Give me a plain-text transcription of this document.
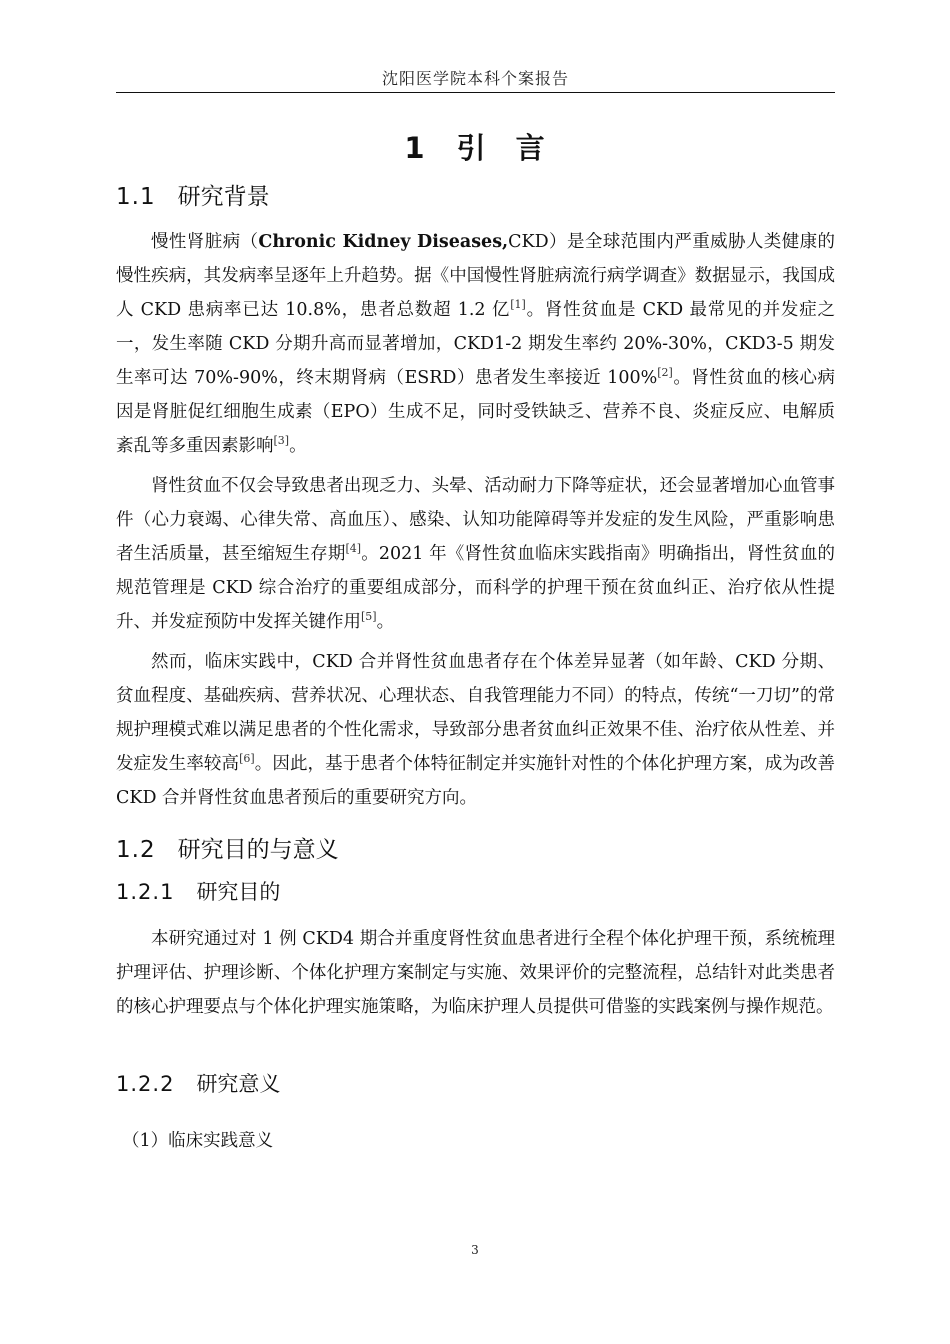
沈阳医学院本科个案报告
1 引 言
1.1 研究背景

慢性肾脏病（Chronic Kidney Diseases,CKD）是全球范围内严重威胁人类健康的慢性疾病，其发病率呈逐年上升趋势。据《中国慢性肾脏病流行病学调查》数据显示，我国成人 CKD 患病率已达 10.8%，患者总数超 1.2 亿[1]。肾性贫血是 CKD 最常见的并发症之一，发生率随 CKD 分期升高而显著增加，CKD1-2 期发生率约 20%-30%，CKD3-5 期发生率可达 70%-90%，终末期肾病（ESRD）患者发生率接近 100%[2]。肾性贫血的核心病因是肾脏促红细胞生成素（EPO）生成不足，同时受铁缺乏、营养不良、炎症反应、电解质紊乱等多重因素影响[3]。

肾性贫血不仅会导致患者出现乏力、头晕、活动耐力下降等症状，还会显著增加心血管事件（心力衰竭、心律失常、高血压）、感染、认知功能障碍等并发症的发生风险，严重影响患者生活质量，甚至缩短生存期[4]。2021 年《肾性贫血临床实践指南》明确指出，肾性贫血的规范管理是 CKD 综合治疗的重要组成部分，而科学的护理干预在贫血纠正、治疗依从性提升、并发症预防中发挥关键作用[5]。

然而，临床实践中，CKD 合并肾性贫血患者存在个体差异显著（如年龄、CKD 分期、贫血程度、基础疾病、营养状况、心理状态、自我管理能力不同）的特点，传统“一刀切”的常规护理模式难以满足患者的个性化需求，导致部分患者贫血纠正效果不佳、治疗依从性差、并发症发生率较高[6]。因此，基于患者个体特征制定并实施针对性的个体化护理方案，成为改善 CKD 合并肾性贫血患者预后的重要研究方向。

1.2 研究目的与意义
1.2.1 研究目的

本研究通过对 1 例 CKD4 期合并重度肾性贫血患者进行全程个体化护理干预，系统梳理护理评估、护理诊断、个体化护理方案制定与实施、效果评价的完整流程，总结针对此类患者的核心护理要点与个体化护理实施策略，为临床护理人员提供可借鉴的实践案例与操作规范。

1.2.2 研究意义
（1）临床实践意义
3
